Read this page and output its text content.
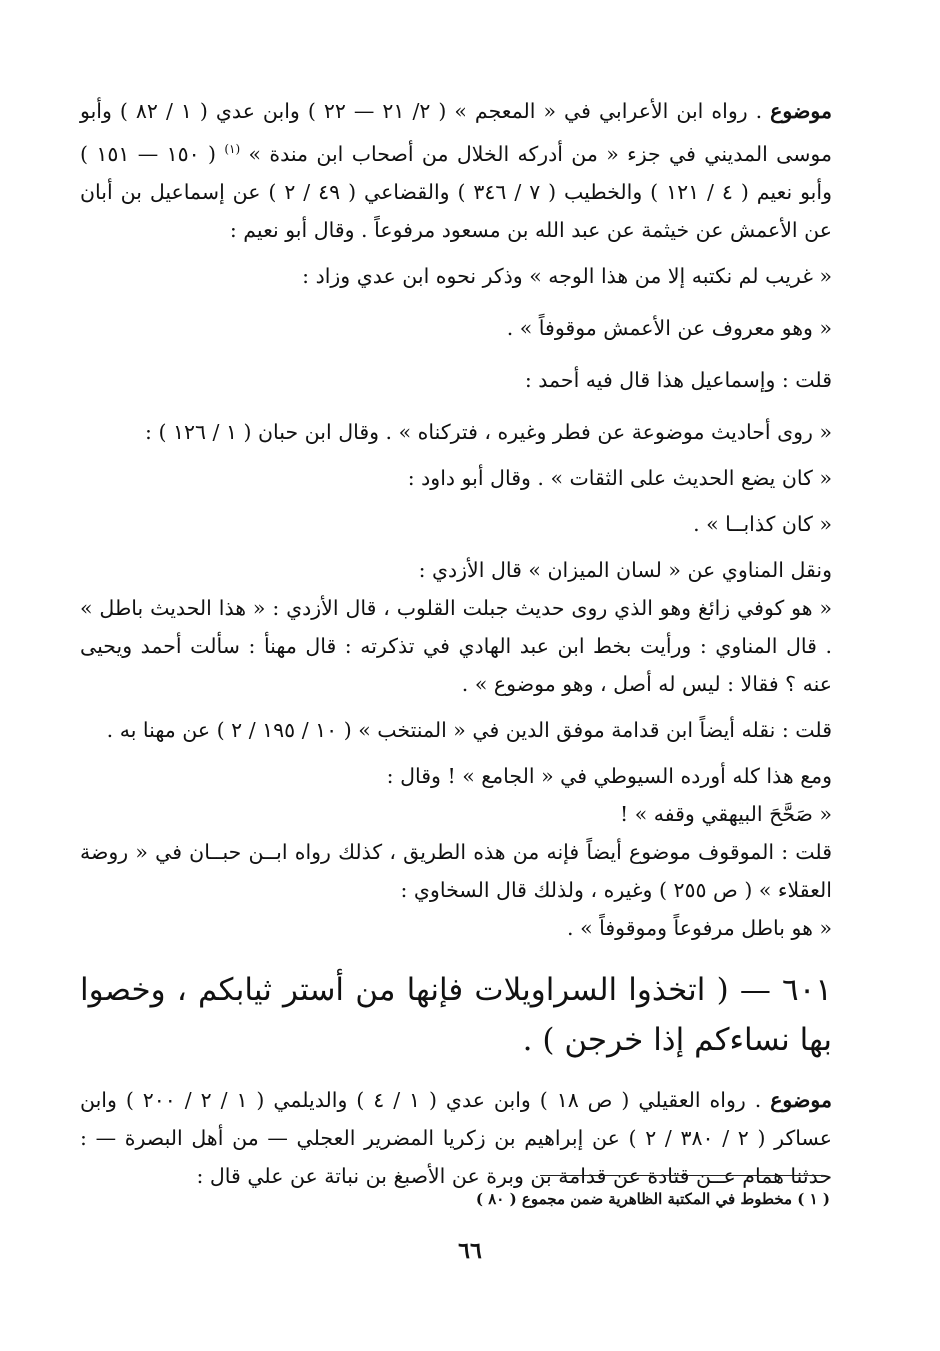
موضوع . رواه ابن الأعرابي في « المعجم » ( ٢/ ٢١ — ٢٢ ) وابن عدي ( ١ / ٨٢ ) وأبو موسى المديني في جزء « من أدركه الخلال من أصحاب ابن مندة » $^{(١)}$ ( ١٥٠ — ١٥١ ) وأبو نعيم ( ٤ / ١٢١ ) والخطيب ( ٧ / ٣٤٦ ) والقضاعي ( ٤٩ / ٢ ) عن إسماعيل بن أبان عن الأعمش عن خيثمة عن عبد الله بن مسعود مرفوعاً . وقال أبو نعيم :

« غريب لم نكتبه إلا من هذا الوجه » وذكر نحوه ابن عدي وزاد :

« وهو معروف عن الأعمش موقوفاً » .

قلت : وإسماعيل هذا قال فيه أحمد :

« روى أحاديث موضوعة عن فطر وغيره ، فتركناه » . وقال ابن حبان ( ١ / ١٢٦ ) :

« كان يضع الحديث على الثقات » . وقال أبو داود :

« كان كذابــا » .

ونقل المناوي عن « لسان الميزان » قال الأزدي :

« هو كوفي زائغ وهو الذي روى حديث جبلت القلوب ، قال الأزدي : « هذا الحديث باطل » . قال المناوي : ورأيت بخط ابن عبد الهادي في تذكرته : قال مهنأ : سألت أحمد ويحيى عنه ؟ فقالا : ليس له أصل ، وهو موضوع » .

قلت : نقله أيضاً ابن قدامة موفق الدين في « المنتخب » ( ١٠ / ١٩٥ / ٢ ) عن مهنا به .

ومع هذا كله أورده السيوطي في « الجامع » ! وقال :

« صَحَّحَ البيهقي وقفه » !

قلت : الموقوف موضوع أيضاً فإنه من هذه الطريق ، كذلك رواه ابــن حبــان في « روضة العقلاء » ( ص ٢٥٥ ) وغيره ، ولذلك قال السخاوي :

« هو باطل مرفوعاً وموقوفاً » .

٦٠١ — ( اتخذوا السراويلات فإنها من أستر ثيابكم ، وخصوا بها نساءكم إذا خرجن ) .

موضوع . رواه العقيلي ( ص ١٨ ) وابن عدي ( ١ / ٤ ) والديلمي ( ١ / ٢ / ٢٠٠ ) وابن عساكر ( ٢ / ٣٨٠ / ٢ ) عن إبراهيم بن زكريا المضرير العجلي — من أهل البصرة — : حدثنا همام عــن قتادة عن قدامة بن وبرة عن الأصبغ بن نباتة عن علي قال :

( ١ ) مخطوط في المكتبة الظاهرية ضمن مجموع ( ٨٠ )
٦٦
